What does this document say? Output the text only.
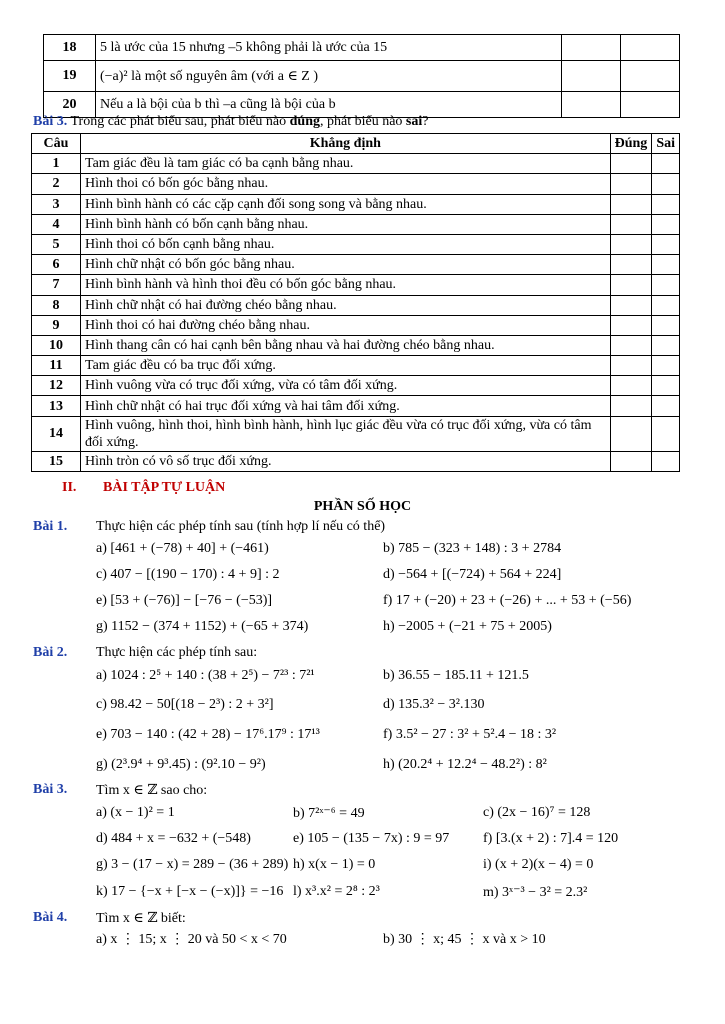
18	5 là ước của 15 nhưng –5 không phải là ước của 15		
19	(−a)² là một số nguyên âm (với a ∈ Z )		
20	Nếu a là bội của b thì –a cũng là bội của b		
Bài 3. Trong các phát biểu sau, phát biểu nào đúng, phát biểu nào sai?
Câu	Khẳng định	Đúng	Sai
1	Tam giác đều là tam giác có ba cạnh bằng nhau.		
2	Hình thoi có bốn góc bằng nhau.		
3	Hình bình hành có các cặp cạnh đối song song và bằng nhau.		
4	Hình bình hành có bốn cạnh bằng nhau.		
5	Hình thoi có bốn cạnh bằng nhau.		
6	Hình chữ nhật có bốn góc bằng nhau.		
7	Hình bình hành và hình thoi đều có bốn góc bằng nhau.		
8	Hình chữ nhật có hai đường chéo bằng nhau.		
9	Hình thoi có hai đường chéo bằng nhau.		
10	Hình thang cân có hai cạnh bên bằng nhau và hai đường chéo bằng nhau.		
11	Tam giác đều có ba trục đối xứng.		
12	Hình vuông vừa có trục đối xứng, vừa có tâm đối xứng.		
13	Hình chữ nhật có hai trục đối xứng và hai tâm đối xứng.		
14	Hình vuông, hình thoi, hình bình hành, hình lục giác đều vừa có trục đối xứng, vừa có tâm đối xứng.		
15	Hình tròn có vô số trục đối xứng.		
II. BÀI TẬP TỰ LUẬN
PHẦN SỐ HỌC
Bài 1. Thực hiện các phép tính sau (tính hợp lí nếu có thể)
a) [461 + (−78) + 40] + (−461)	b) 785 − (323 + 148) : 3 + 2784
c) 407 − [(190 − 170) : 4 + 9] : 2	d) −564 + [(−724) + 564 + 224]
e) [53 + (−76)] − [−76 − (−53)]	f) 17 + (−20) + 23 + (−26) + ... + 53 + (−56)
g) 1152 − (374 + 1152) + (−65 + 374)	h) −2005 + (−21 + 75 + 2005)
Bài 2. Thực hiện các phép tính sau:
a) 1024 : 2⁵ + 140 : (38 + 2⁵) − 7²³ : 7²¹	b) 36.55 − 185.11 + 121.5
c) 98.42 − 50[(18 − 2³) : 2 + 3²]	d) 135.3² − 3².130
e) 703 − 140 : (42 + 28) − 17⁶.17⁹ : 17¹³	f) 3.5² − 27 : 3² + 5².4 − 18 : 3²
g) (2³.9⁴ + 9³.45) : (9².10 − 9²)	h) (20.2⁴ + 12.2⁴ − 48.2²) : 8²
Bài 3. Tìm x ∈ ℤ sao cho:
a) (x − 1)² = 1	b) 7²ˣ⁻⁶ = 49	c) (2x − 16)⁷ = 128
d) 484 + x = −632 + (−548)	e) 105 − (135 − 7x) : 9 = 97 f) [3.(x + 2) : 7].4 = 120
g) 3 − (17 − x) = 289 − (36 + 289) h) x(x − 1) = 0	i) (x + 2)(x − 4) = 0
k) 17 − {−x + [−x − (−x)]} = −16 l) x³.x² = 2⁸ : 2³	m) 3ˣ⁻³ − 3² = 2.3²
Bài 4. Tìm x ∈ ℤ biết:
a) x ⋮ 15; x ⋮ 20 và 50 < x < 70	b) 30 ⋮ x; 45 ⋮ x và x > 10
